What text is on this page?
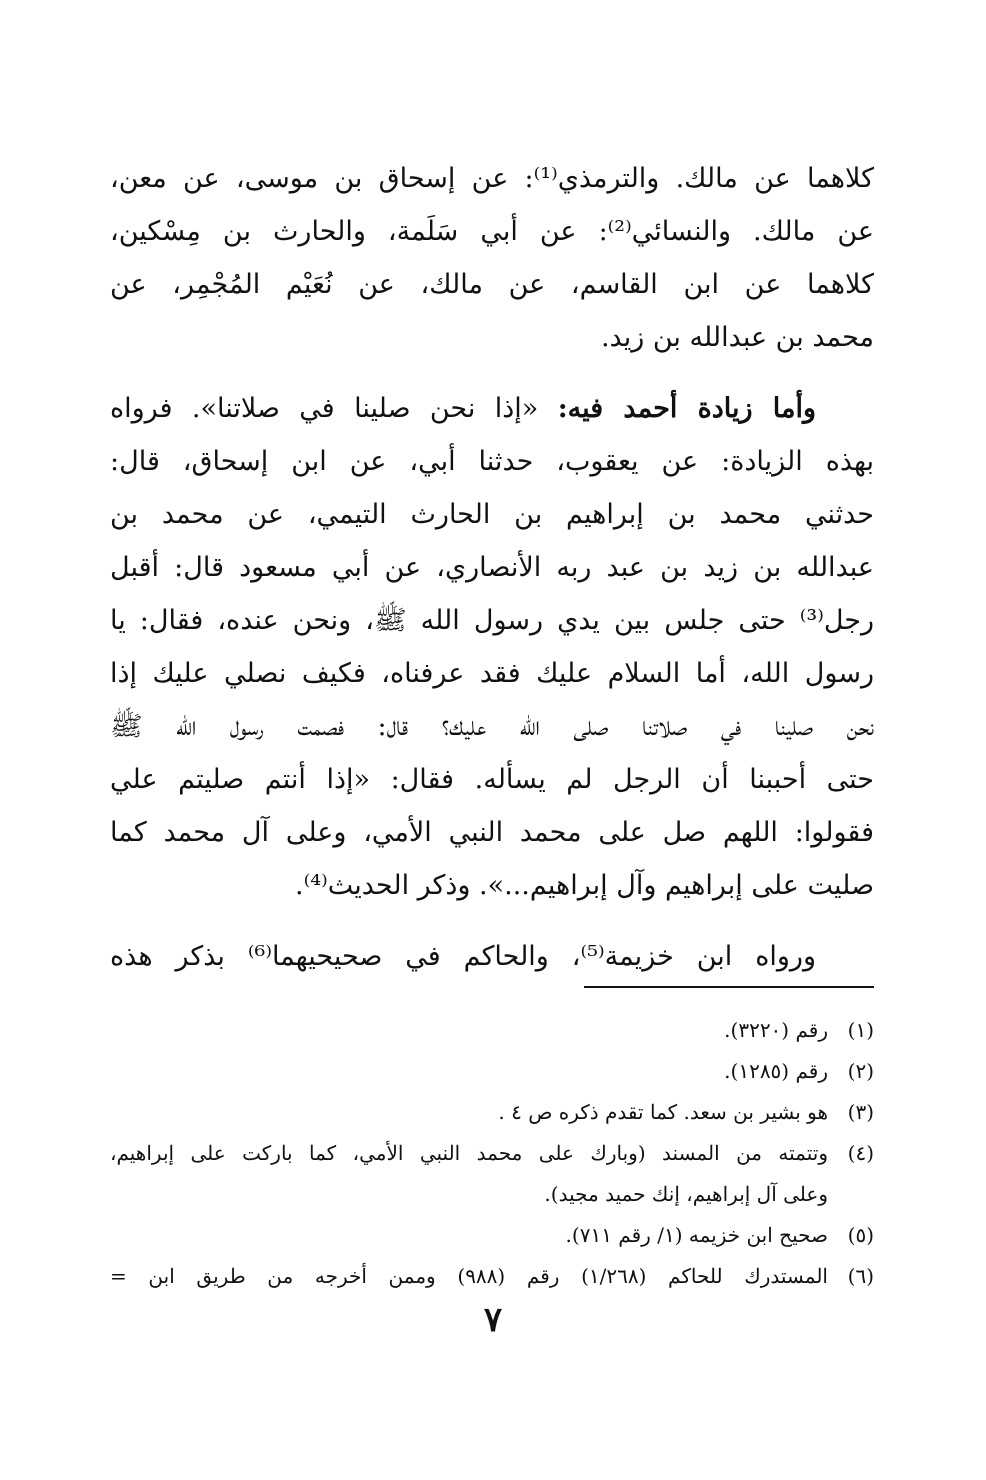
كلاهما عن مالك. والترمذي⁽¹⁾: عن إسحاق بن موسى، عن معن،
عن مالك. والنسائي⁽²⁾: عن أبي سَلَمة، والحارث بن مِسْكين،
كلاهما عن ابن القاسم، عن مالك، عن نُعَيْم المُجْمِر، عن
محمد بن عبدالله بن زيد.
وأما زيادة أحمد فيه: «إذا نحن صلينا في صلاتنا». فرواه
بهذه الزيادة: عن يعقوب، حدثنا أبي، عن ابن إسحاق، قال:
حدثني محمد بن إبراهيم بن الحارث التيمي، عن محمد بن
عبدالله بن زيد بن عبد ربه الأنصاري، عن أبي مسعود قال: أقبل
رجل⁽³⁾ حتى جلس بين يدي رسول الله ﷺ، ونحن عنده، فقال: يا
رسول الله، أما السلام عليك فقد عرفناه، فكيف نصلي عليك إذا
نحن صلينا في صلاتنا صلى الله عليك؟ قال: فصمت رسول الله ﷺ
حتى أحببنا أن الرجل لم يسأله. فقال: «إذا أنتم صليتم علي
فقولوا: اللهم صل على محمد النبي الأمي، وعلى آل محمد كما
صليت على إبراهيم وآل إبراهيم...». وذكر الحديث⁽⁴⁾.
ورواه ابن خزيمة⁽⁵⁾، والحاكم في صحيحيهما⁽⁶⁾ بذكر هذه
(١)
رقم (٣٢٢٠).
(٢)
رقم (١٢٨٥).
(٣)
هو بشير بن سعد. كما تقدم ذكره ص ٤ .
(٤)
وتتمته من المسند (وبارك على محمد النبي الأمي، كما باركت على إبراهيم،
وعلى آل إبراهيم، إنك حميد مجيد).
(٥)
صحيح ابن خزيمه (١/ رقم ٧١١).
(٦)
المستدرك للحاكم (١/٢٦٨) رقم (٩٨٨) وممن أخرجه من طريق ابن =
٧
